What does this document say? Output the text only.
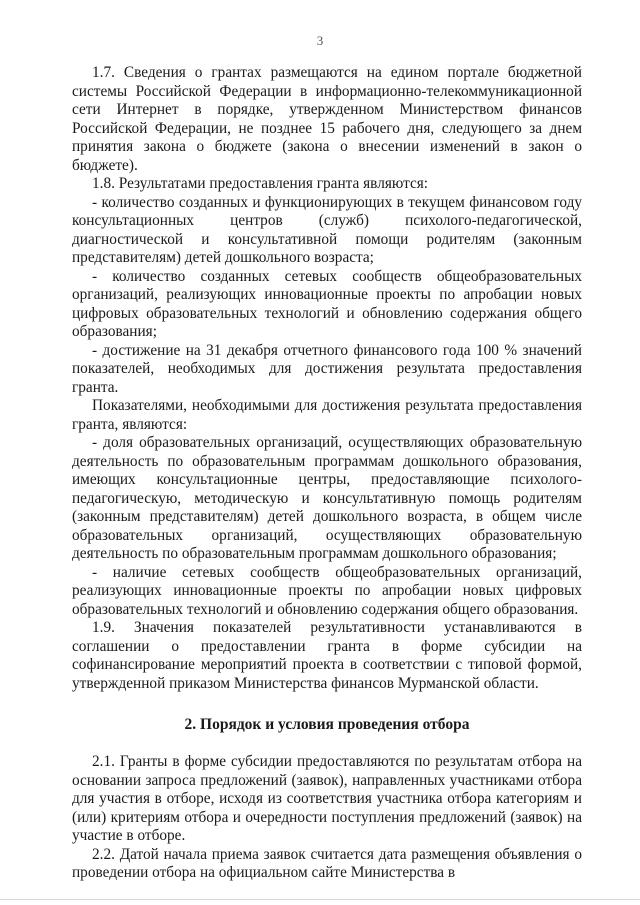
3

1.7. Сведения о грантах размещаются на едином портале бюджетной системы Российской Федерации в информационно-телекоммуникационной сети Интернет в порядке, утвержденном Министерством финансов Российской Федерации, не позднее 15 рабочего дня, следующего за днем принятия закона о бюджете (закона о внесении изменений в закон о бюджете).

1.8. Результатами предоставления гранта являются:

- количество созданных и функционирующих в текущем финансовом году консультационных центров (служб) психолого-педагогической, диагностической и консультативной помощи родителям (законным представителям) детей дошкольного возраста;

- количество созданных сетевых сообществ общеобразовательных организаций, реализующих инновационные проекты по апробации новых цифровых образовательных технологий и обновлению содержания общего образования;

- достижение на 31 декабря отчетного финансового года 100 % значений показателей, необходимых для достижения результата предоставления гранта.

Показателями, необходимыми для достижения результата предоставления гранта, являются:

- доля образовательных организаций, осуществляющих образовательную деятельность по образовательным программам дошкольного образования, имеющих консультационные центры, предоставляющие психолого-педагогическую, методическую и консультативную помощь родителям (законным представителям) детей дошкольного возраста, в общем числе образовательных организаций, осуществляющих образовательную деятельность по образовательным программам дошкольного образования;

- наличие сетевых сообществ общеобразовательных организаций, реализующих инновационные проекты по апробации новых цифровых образовательных технологий и обновлению содержания общего образования.

1.9. Значения показателей результативности устанавливаются в соглашении о предоставлении гранта в форме субсидии на софинансирование мероприятий проекта в соответствии с типовой формой, утвержденной приказом Министерства финансов Мурманской области.

2. Порядок и условия проведения отбора

2.1. Гранты в форме субсидии предоставляются по результатам отбора на основании запроса предложений (заявок), направленных участниками отбора для участия в отборе, исходя из соответствия участника отбора категориям и (или) критериям отбора и очередности поступления предложений (заявок) на участие в отборе.

2.2. Датой начала приема заявок считается дата размещения объявления о проведении отбора на официальном сайте Министерства в
